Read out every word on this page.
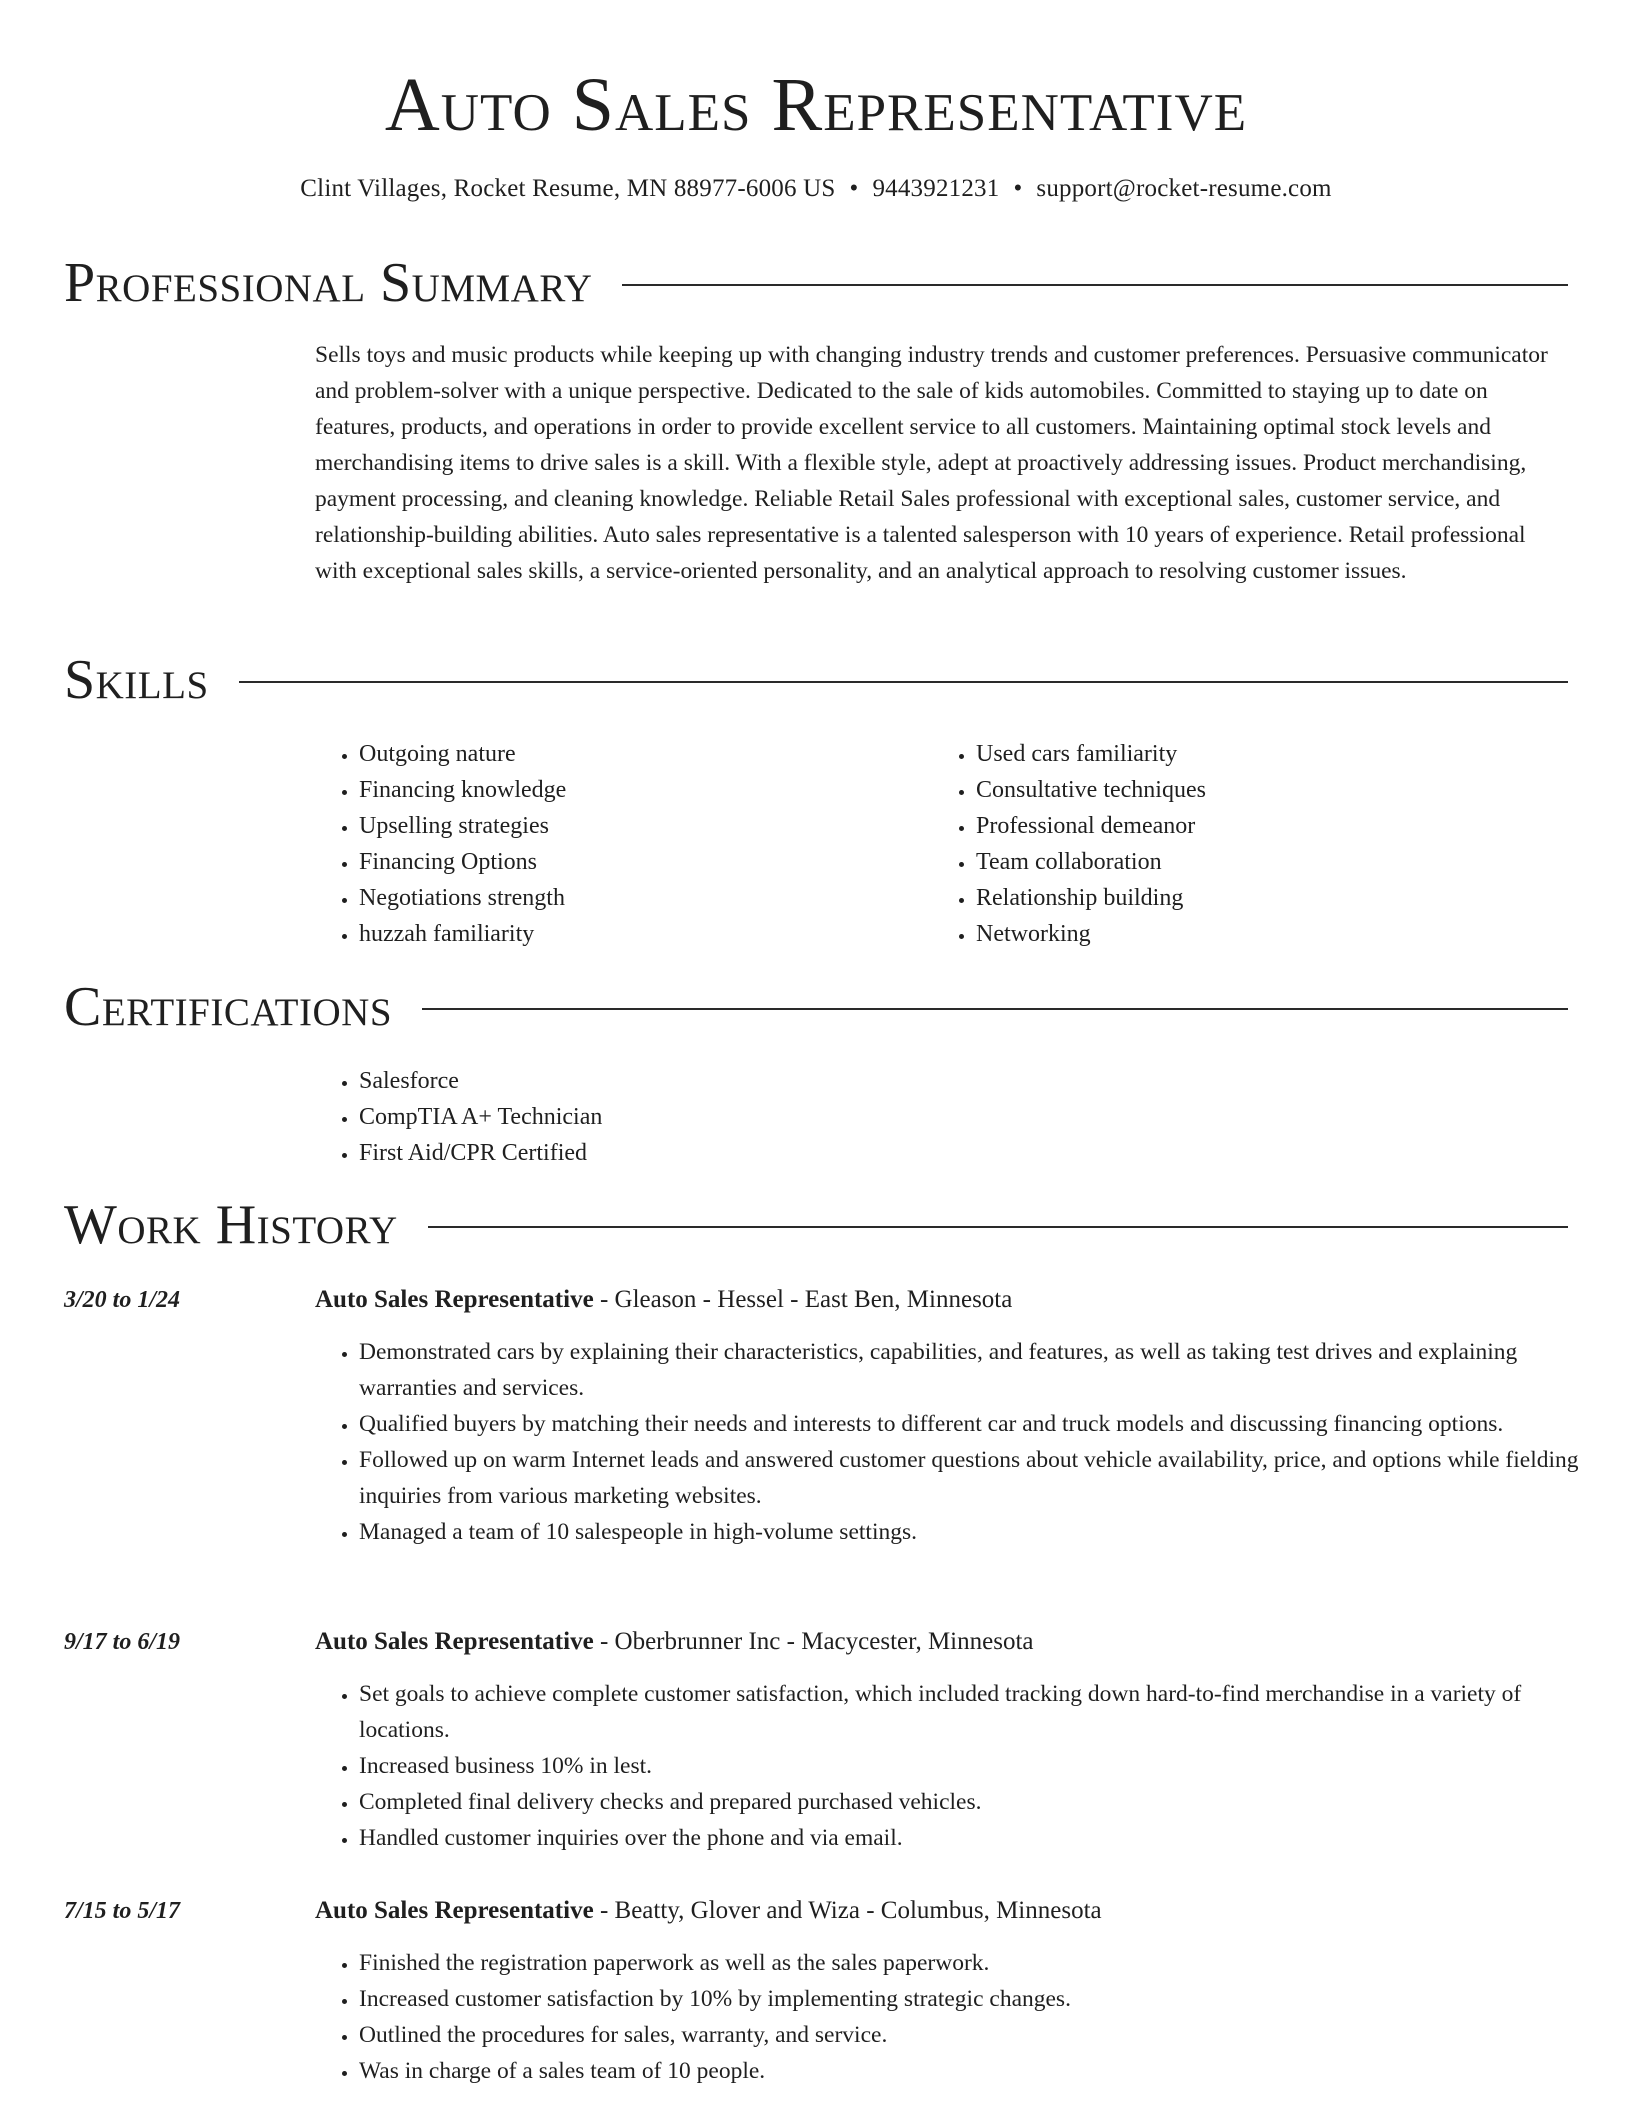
Auto Sales Representative
Clint Villages, Rocket Resume, MN 88977-6006 US • 9443921231 • support@rocket-resume.com
Professional Summary

Sells toys and music products while keeping up with changing industry trends and customer preferences. Persuasive communicator and problem-solver with a unique perspective. Dedicated to the sale of kids automobiles. Committed to staying up to date on features, products, and operations in order to provide excellent service to all customers. Maintaining optimal stock levels and merchandising items to drive sales is a skill. With a flexible style, adept at proactively addressing issues. Product merchandising, payment processing, and cleaning knowledge. Reliable Retail Sales professional with exceptional sales, customer service, and relationship-building abilities. Auto sales representative is a talented salesperson with 10 years of experience. Retail professional with exceptional sales skills, a service-oriented personality, and an analytical approach to resolving customer issues.

Skills
• Outgoing nature
• Financing knowledge
• Upselling strategies
• Financing Options
• Negotiations strength
• huzzah familiarity
• Used cars familiarity
• Consultative techniques
• Professional demeanor
• Team collaboration
• Relationship building
• Networking
Certifications
• Salesforce
• CompTIA A+ Technician
• First Aid/CPR Certified
Work History
3/20 to 1/24	Auto Sales Representative - Gleason - Hessel - East Ben, Minnesota
• Demonstrated cars by explaining their characteristics, capabilities, and features, as well as taking test drives and explaining warranties and services.
• Qualified buyers by matching their needs and interests to different car and truck models and discussing financing options.
• Followed up on warm Internet leads and answered customer questions about vehicle availability, price, and options while fielding inquiries from various marketing websites.
• Managed a team of 10 salespeople in high-volume settings.
9/17 to 6/19	Auto Sales Representative - Oberbrunner Inc - Macycester, Minnesota
• Set goals to achieve complete customer satisfaction, which included tracking down hard-to-find merchandise in a variety of locations.
• Increased business 10% in lest.
• Completed final delivery checks and prepared purchased vehicles.
• Handled customer inquiries over the phone and via email.
7/15 to 5/17	Auto Sales Representative - Beatty, Glover and Wiza - Columbus, Minnesota
• Finished the registration paperwork as well as the sales paperwork.
• Increased customer satisfaction by 10% by implementing strategic changes.
• Outlined the procedures for sales, warranty, and service.
• Was in charge of a sales team of 10 people.
